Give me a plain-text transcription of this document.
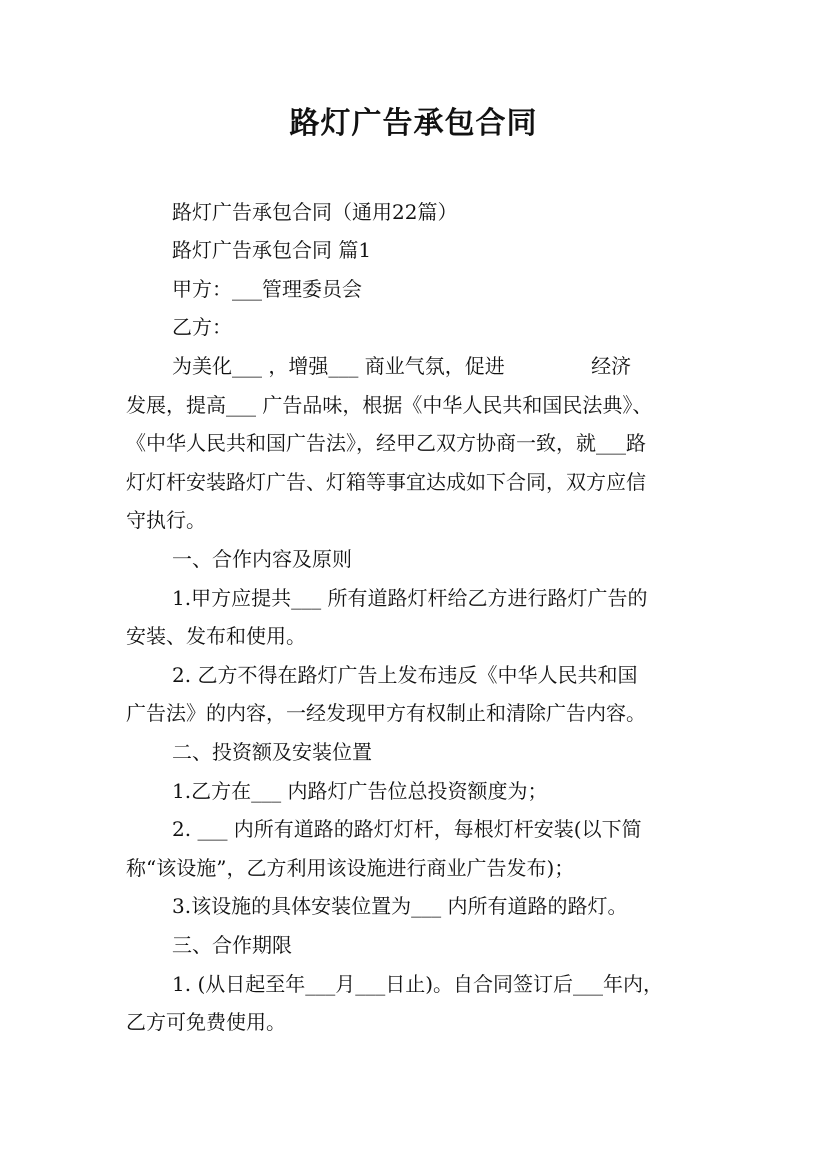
路灯广告承包合同
路灯广告承包合同（通用22篇）
路灯广告承包合同 篇1
甲方：___管理委员会
乙方：
为美化___ ，增强___ 商业气氛，促进　　　　 经济
发展，提高___ 广告品味，根据《中华人民共和国民法典》、
《中华人民共和国广告法》，经甲乙双方协商一致，就___路
灯灯杆安装路灯广告、灯箱等事宜达成如下合同，双方应信
守执行。
一、合作内容及原则
1.甲方应提共___ 所有道路灯杆给乙方进行路灯广告的
安装、发布和使用。
2. 乙方不得在路灯广告上发布违反《中华人民共和国
广告法》的内容，一经发现甲方有权制止和清除广告内容。
二、投资额及安装位置
1.乙方在___ 内路灯广告位总投资额度为；
2. ___ 内所有道路的路灯灯杆，每根灯杆安装(以下简
称“该设施”，乙方利用该设施进行商业广告发布)；
3.该设施的具体安装位置为___ 内所有道路的路灯。
三、合作期限
1. (从日起至年___月___日止)。自合同签订后___年内，
乙方可免费使用。
